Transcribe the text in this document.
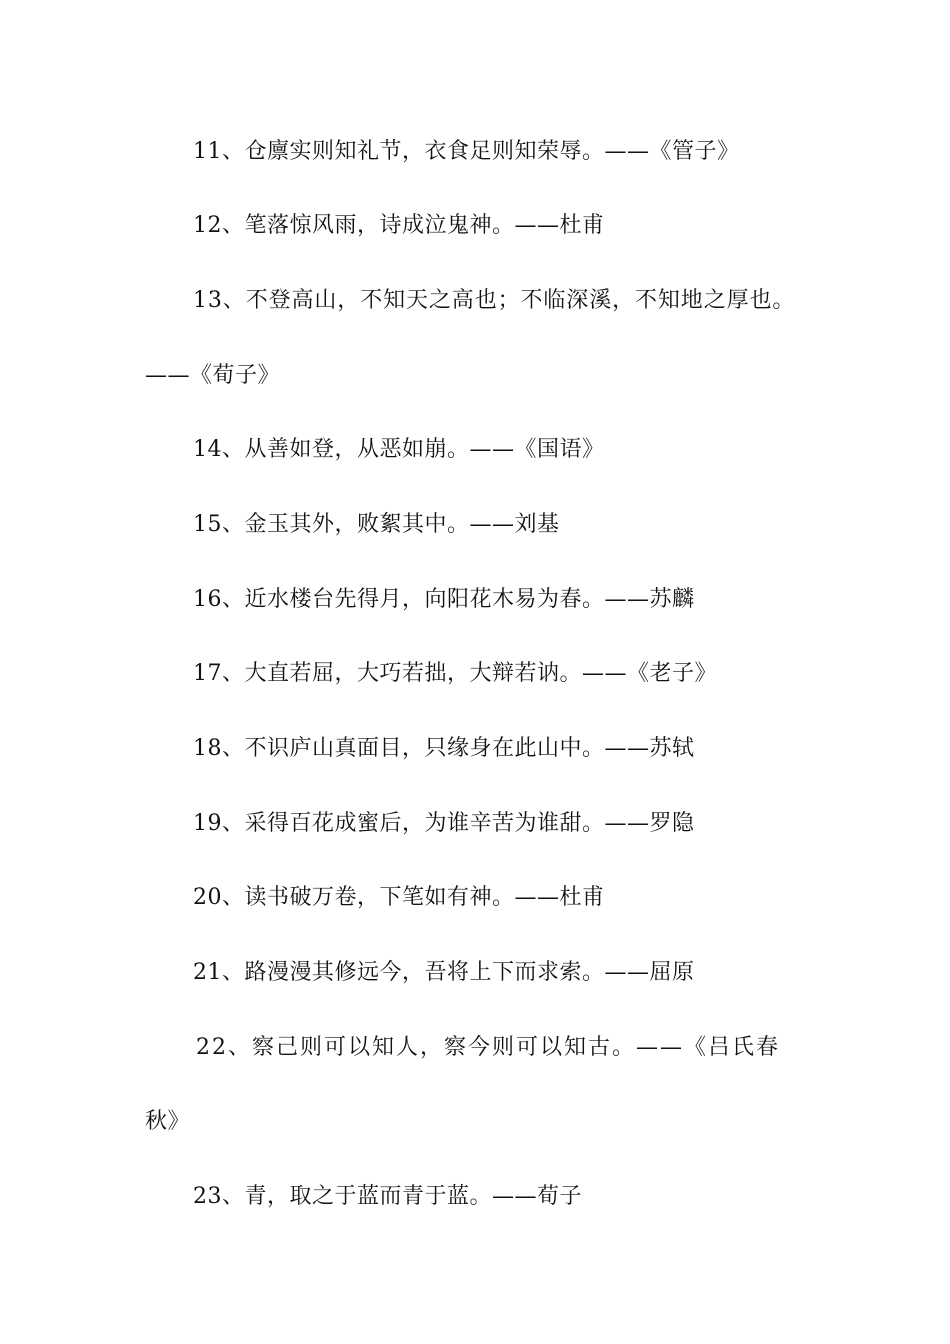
11、仓廪实则知礼节，衣食足则知荣辱。——《管子》
12、笔落惊风雨，诗成泣鬼神。——杜甫
13、不登高山，不知天之高也；不临深溪，不知地之厚也。
——《荀子》
14、从善如登，从恶如崩。——《国语》
15、金玉其外，败絮其中。——刘基
16、近水楼台先得月，向阳花木易为春。——苏麟
17、大直若屈，大巧若拙，大辩若讷。——《老子》
18、不识庐山真面目，只缘身在此山中。——苏轼
19、采得百花成蜜后，为谁辛苦为谁甜。——罗隐
20、读书破万卷，下笔如有神。——杜甫
21、路漫漫其修远今，吾将上下而求索。——屈原
22、察己则可以知人，察今则可以知古。——《吕氏春
秋》
23、青，取之于蓝而青于蓝。——荀子
